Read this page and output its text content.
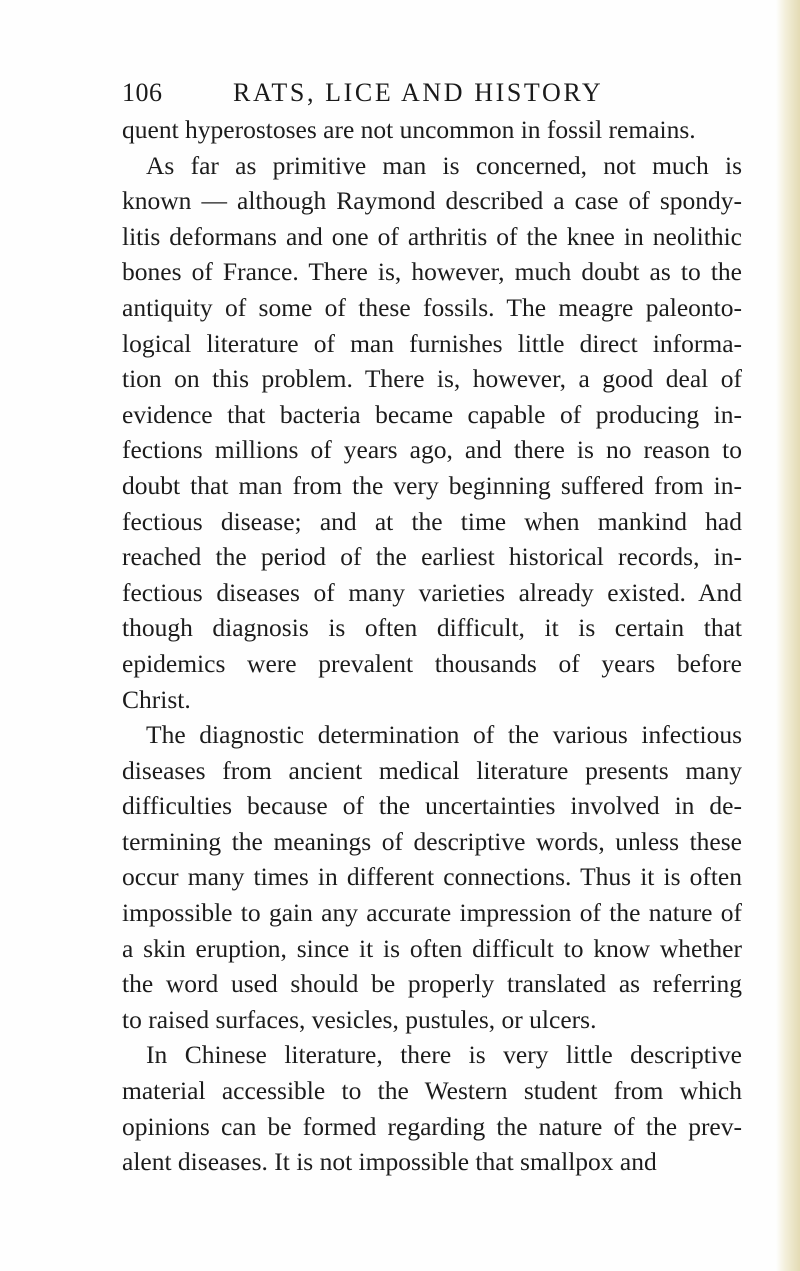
106	RATS, LICE AND HISTORY
quent hyperostoses are not uncommon in fossil remains.
As far as primitive man is concerned, not much is
known — although Raymond described a case of spondy-
litis deformans and one of arthritis of the knee in neolithic
bones of France. There is, however, much doubt as to the
antiquity of some of these fossils. The meagre paleonto-
logical literature of man furnishes little direct informa-
tion on this problem. There is, however, a good deal of
evidence that bacteria became capable of producing in-
fections millions of years ago, and there is no reason to
doubt that man from the very beginning suffered from in-
fectious disease; and at the time when mankind had
reached the period of the earliest historical records, in-
fectious diseases of many varieties already existed. And
though diagnosis is often difficult, it is certain that
epidemics were prevalent thousands of years before
Christ.
The diagnostic determination of the various infectious
diseases from ancient medical literature presents many
difficulties because of the uncertainties involved in de-
termining the meanings of descriptive words, unless these
occur many times in different connections. Thus it is often
impossible to gain any accurate impression of the nature of
a skin eruption, since it is often difficult to know whether
the word used should be properly translated as referring
to raised surfaces, vesicles, pustules, or ulcers.
In Chinese literature, there is very little descriptive
material accessible to the Western student from which
opinions can be formed regarding the nature of the prev-
alent diseases. It is not impossible that smallpox and
